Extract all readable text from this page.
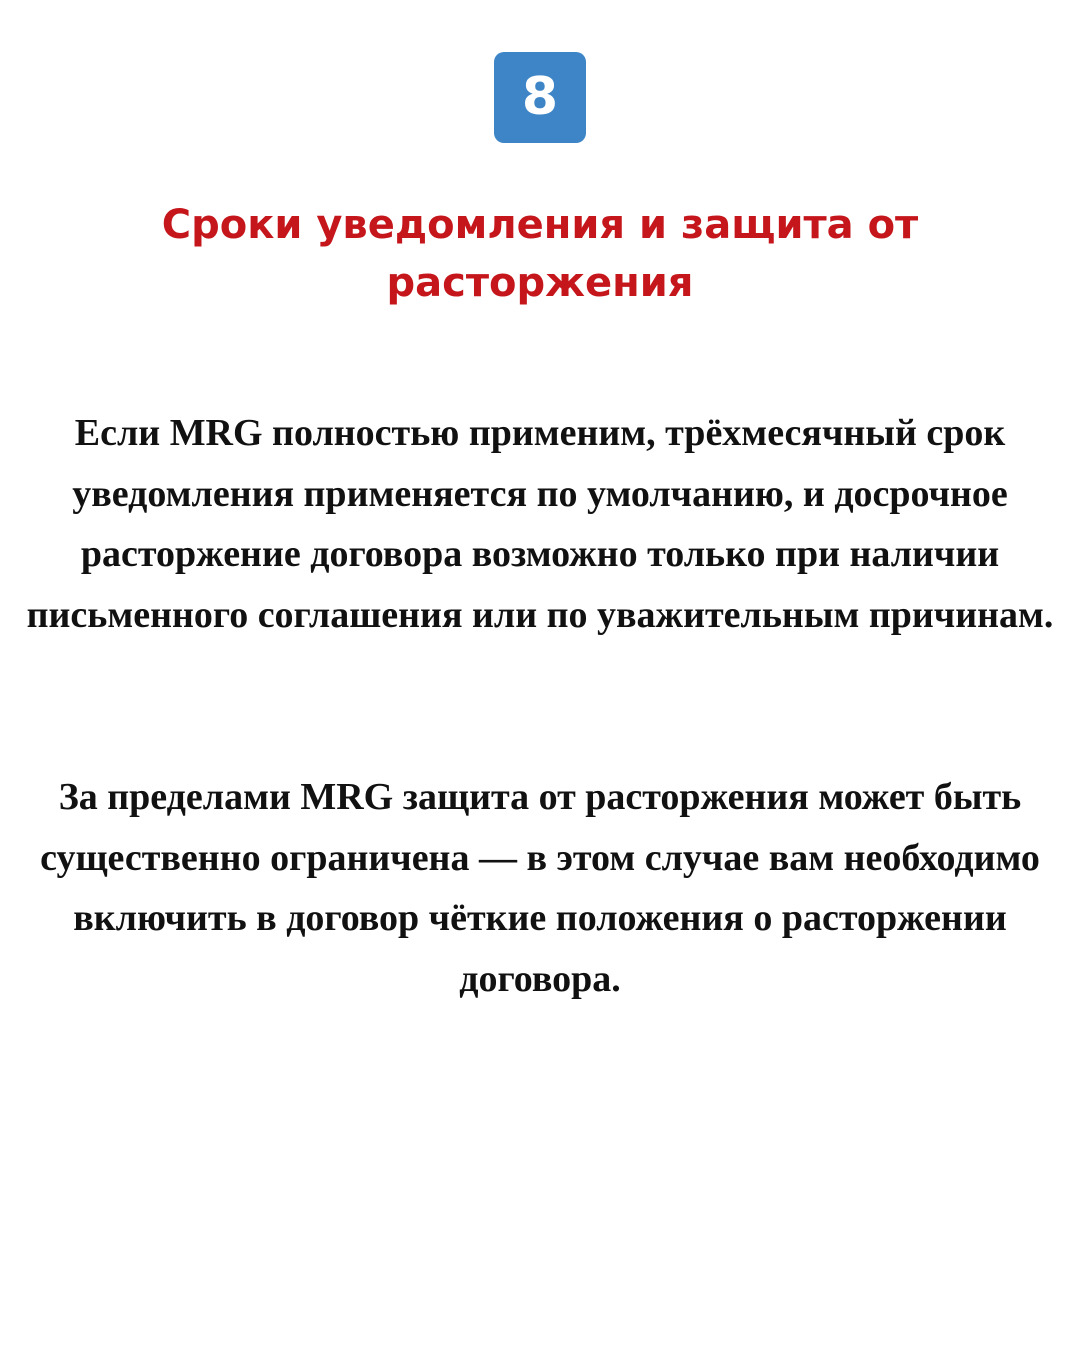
8
Сроки уведомления и защита от расторжения

Если MRG полностью применим, трёхмесячный срок уведомления применяется по умолчанию, и досрочное расторжение договора возможно только при наличии письменного соглашения или по уважительным причинам.

За пределами MRG защита от расторжения может быть существенно ограничена — в этом случае вам необходимо включить в договор чёткие положения о расторжении договора.
